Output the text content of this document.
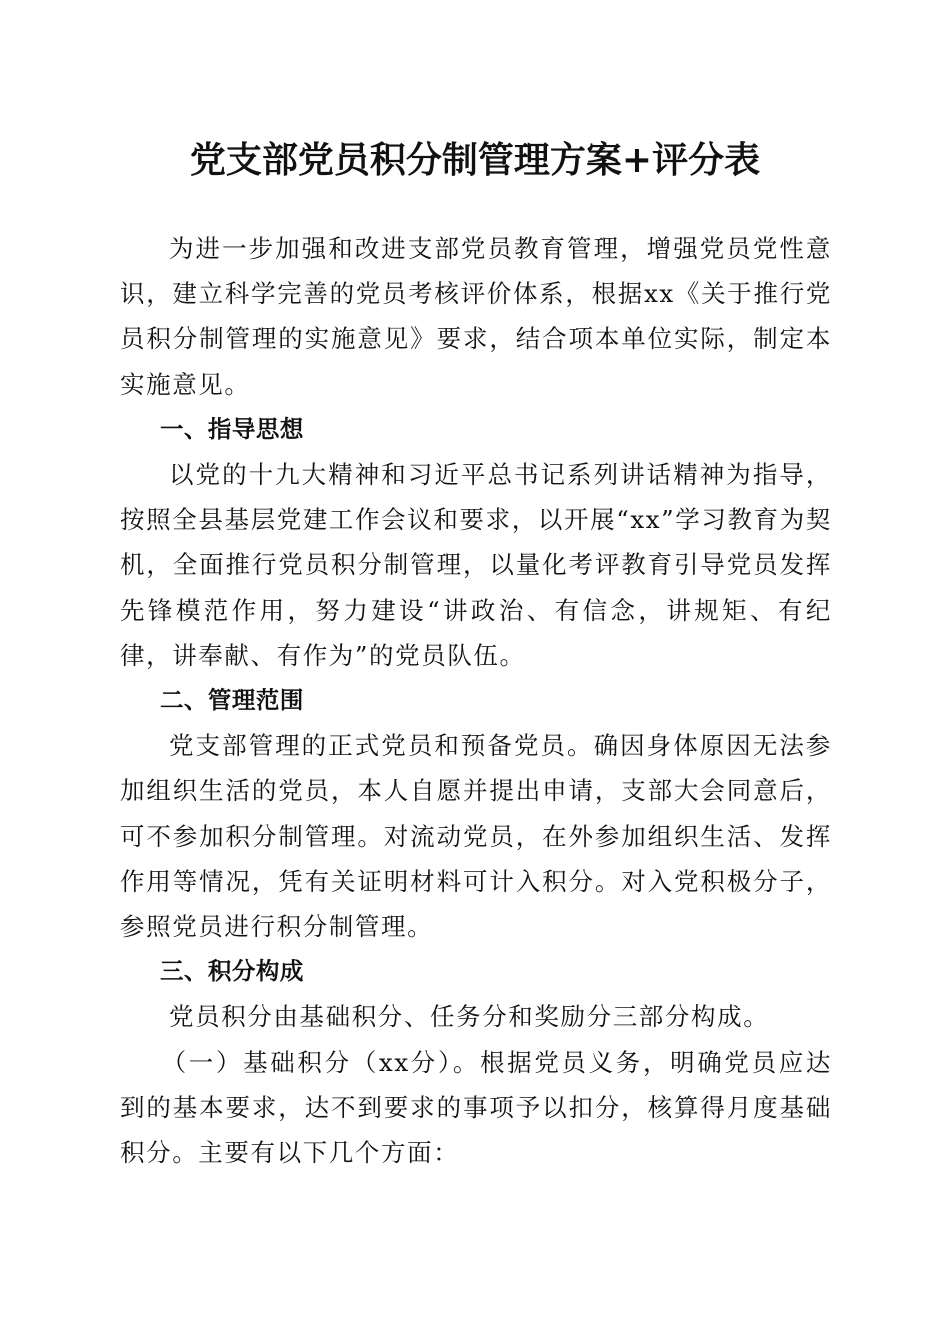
党支部党员积分制管理方案+评分表

为进一步加强和改进支部党员教育管理，增强党员党性意识，建立科学完善的党员考核评价体系，根据xx《关于推行党员积分制管理的实施意见》要求，结合项本单位实际，制定本实施意见。

一、指导思想

以党的十九大精神和习近平总书记系列讲话精神为指导，按照全县基层党建工作会议和要求，以开展“xx”学习教育为契机，全面推行党员积分制管理，以量化考评教育引导党员发挥先锋模范作用，努力建设“讲政治、有信念，讲规矩、有纪律，讲奉献、有作为”的党员队伍。

二、管理范围

党支部管理的正式党员和预备党员。确因身体原因无法参加组织生活的党员，本人自愿并提出申请，支部大会同意后，可不参加积分制管理。对流动党员，在外参加组织生活、发挥作用等情况，凭有关证明材料可计入积分。对入党积极分子，参照党员进行积分制管理。

三、积分构成

党员积分由基础积分、任务分和奖励分三部分构成。

（一）基础积分（xx分）。根据党员义务，明确党员应达到的基本要求，达不到要求的事项予以扣分，核算得月度基础积分。主要有以下几个方面：
